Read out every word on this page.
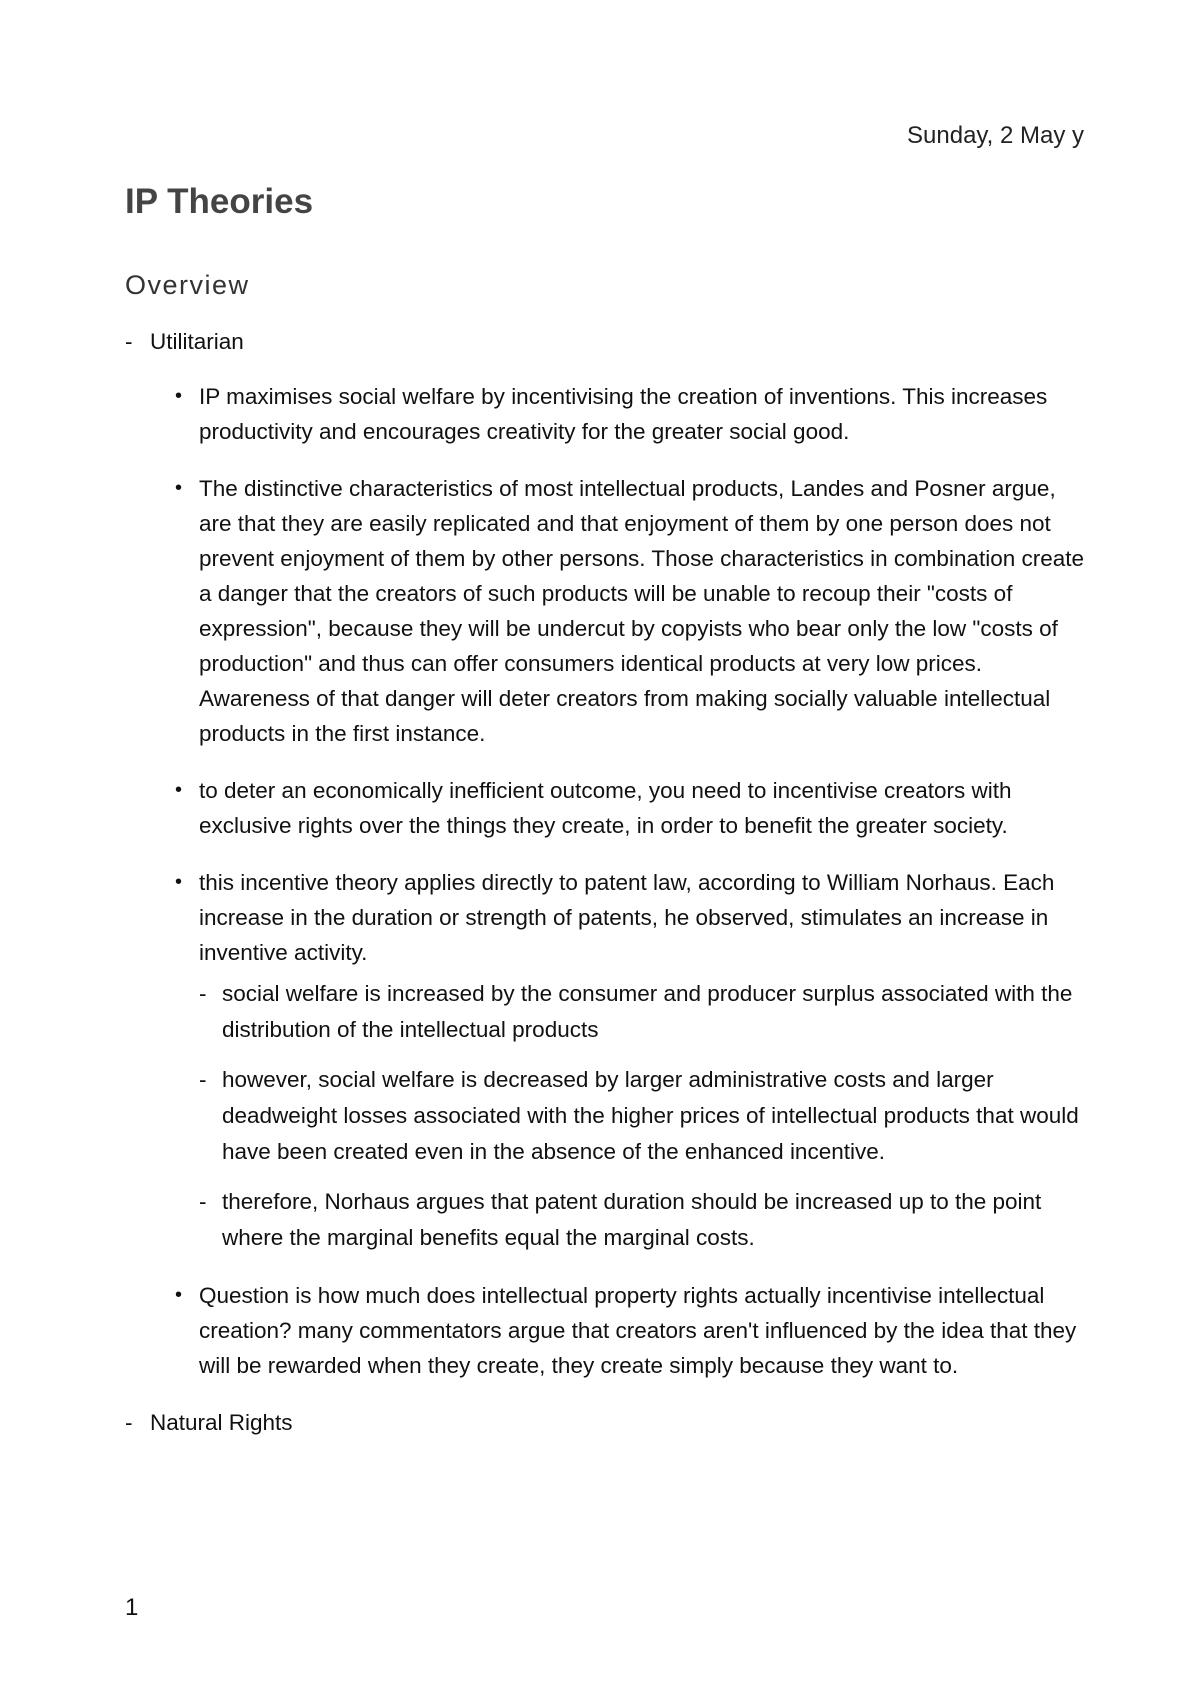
Sunday, 2 May y
IP Theories
Overview
- Utilitarian
• IP maximises social welfare by incentivising the creation of inventions. This increases productivity and encourages creativity for the greater social good.
• The distinctive characteristics of most intellectual products, Landes and Posner argue, are that they are easily replicated and that enjoyment of them by one person does not prevent enjoyment of them by other persons. Those characteristics in combination create a danger that the creators of such products will be unable to recoup their "costs of expression", because they will be undercut by copyists who bear only the low "costs of production" and thus can offer consumers identical products at very low prices. Awareness of that danger will deter creators from making socially valuable intellectual products in the first instance.
• to deter an economically inefficient outcome, you need to incentivise creators with exclusive rights over the things they create, in order to benefit the greater society.
• this incentive theory applies directly to patent law, according to William Norhaus. Each increase in the duration or strength of patents, he observed, stimulates an increase in inventive activity.
- social welfare is increased by the consumer and producer surplus associated with the distribution of the intellectual products
- however, social welfare is decreased by larger administrative costs and larger deadweight losses associated with the higher prices of intellectual products that would have been created even in the absence of the enhanced incentive.
- therefore, Norhaus argues that patent duration should be increased up to the point where the marginal benefits equal the marginal costs.
• Question is how much does intellectual property rights actually incentivise intellectual creation? many commentators argue that creators aren't influenced by the idea that they will be rewarded when they create, they create simply because they want to.
- Natural Rights
1
